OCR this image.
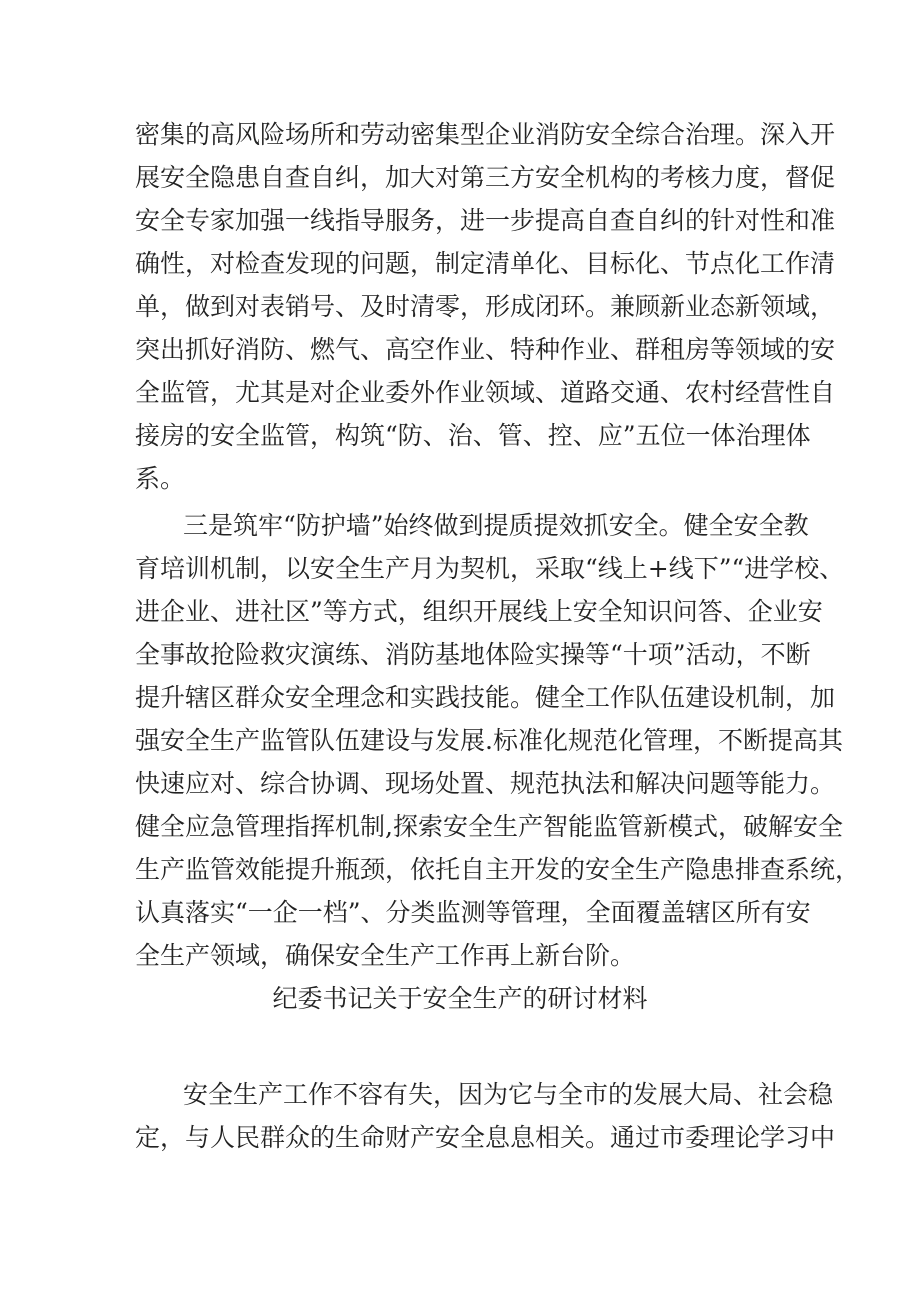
密集的高风险场所和劳动密集型企业消防安全综合治理。深入开
展安全隐患自查自纠，加大对第三方安全机构的考核力度，督促
安全专家加强一线指导服务，进一步提高自查自纠的针对性和准
确性，对检查发现的问题，制定清单化、目标化、节点化工作清
单，做到对表销号、及时清零，形成闭环。兼顾新业态新领域，
突出抓好消防、燃气、高空作业、特种作业、群租房等领域的安
全监管，尤其是对企业委外作业领域、道路交通、农村经营性自
接房的安全监管，构筑“防、治、管、控、应”五位一体治理体
系。
三是筑牢“防护墙”始终做到提质提效抓安全。健全安全教
育培训机制，以安全生产月为契机，采取“线上+线下”“进学校、
进企业、进社区”等方式，组织开展线上安全知识问答、企业安
全事故抢险救灾演练、消防基地体险实操等“十项”活动，不断
提升辖区群众安全理念和实践技能。健全工作队伍建设机制，加
强安全生产监管队伍建设与发展.标准化规范化管理，不断提高其
快速应对、综合协调、现场处置、规范执法和解决问题等能力。
健全应急管理指挥机制,探索安全生产智能监管新模式，破解安全
生产监管效能提升瓶颈，依托自主开发的安全生产隐患排查系统，
认真落实“一企一档”、分类监测等管理，全面覆盖辖区所有安
全生产领域，确保安全生产工作再上新台阶。
纪委书记关于安全生产的研讨材料
安全生产工作不容有失，因为它与全市的发展大局、社会稳
定，与人民群众的生命财产安全息息相关。通过市委理论学习中
